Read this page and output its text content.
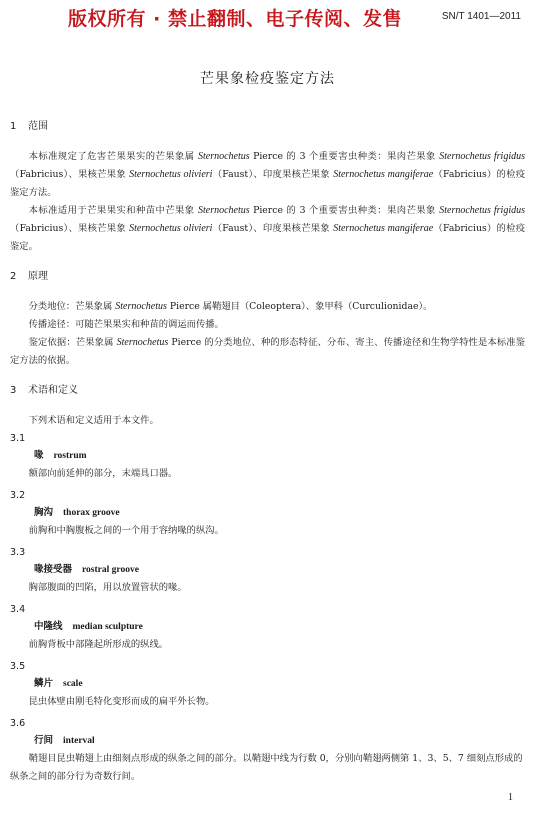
版权所有 · 禁止翻制、电子传阅、发售	SN/T 1401—2011
芒果象检疫鉴定方法
1 范围

本标准规定了危害芒果果实的芒果象属 Sternochetus Pierce 的 3 个重要害虫种类：果肉芒果象 Sternochetus frigidus（Fabricius）、果核芒果象 Sternochetus olivieri（Faust）、印度果核芒果象 Sternochetus mangiferae（Fabricius）的检疫鉴定方法。

本标准适用于芒果果实和种苗中芒果象 Sternochetus Pierce 的 3 个重要害虫种类：果肉芒果象 Sternochetus frigidus（Fabricius）、果核芒果象 Sternochetus olivieri（Faust）、印度果核芒果象 Sternochetus mangiferae（Fabricius）的检疫鉴定。

2 原理

分类地位：芒果象属 Sternochetus Pierce 属鞘翅目（Coleoptera）、象甲科（Curculionidae）。

传播途径：可随芒果果实和种苗的调运而传播。

鉴定依据：芒果象属 Sternochetus Pierce 的分类地位、种的形态特征、分布、寄主、传播途径和生物学特性是本标准鉴定方法的依据。

3 术语和定义

下列术语和定义适用于本文件。

3.1

喙 rostrum

额部向前延伸的部分，末端具口器。

3.2

胸沟 thorax groove

前胸和中胸腹板之间的一个用于容纳喙的纵沟。

3.3

喙接受器 rostral groove

胸部腹面的凹陷，用以放置管状的喙。

3.4

中隆线 median sculpture

前胸背板中部隆起所形成的纵线。

3.5

鳞片 scale

昆虫体壁由刚毛特化变形而成的扁平外长物。

3.6

行间 interval

鞘翅目昆虫鞘翅上由细刻点形成的纵条之间的部分。以鞘翅中线为行数 0，分别向鞘翅两侧第 1、3、5、7 细刻点形成的纵条之间的部分行为奇数行间。

1
